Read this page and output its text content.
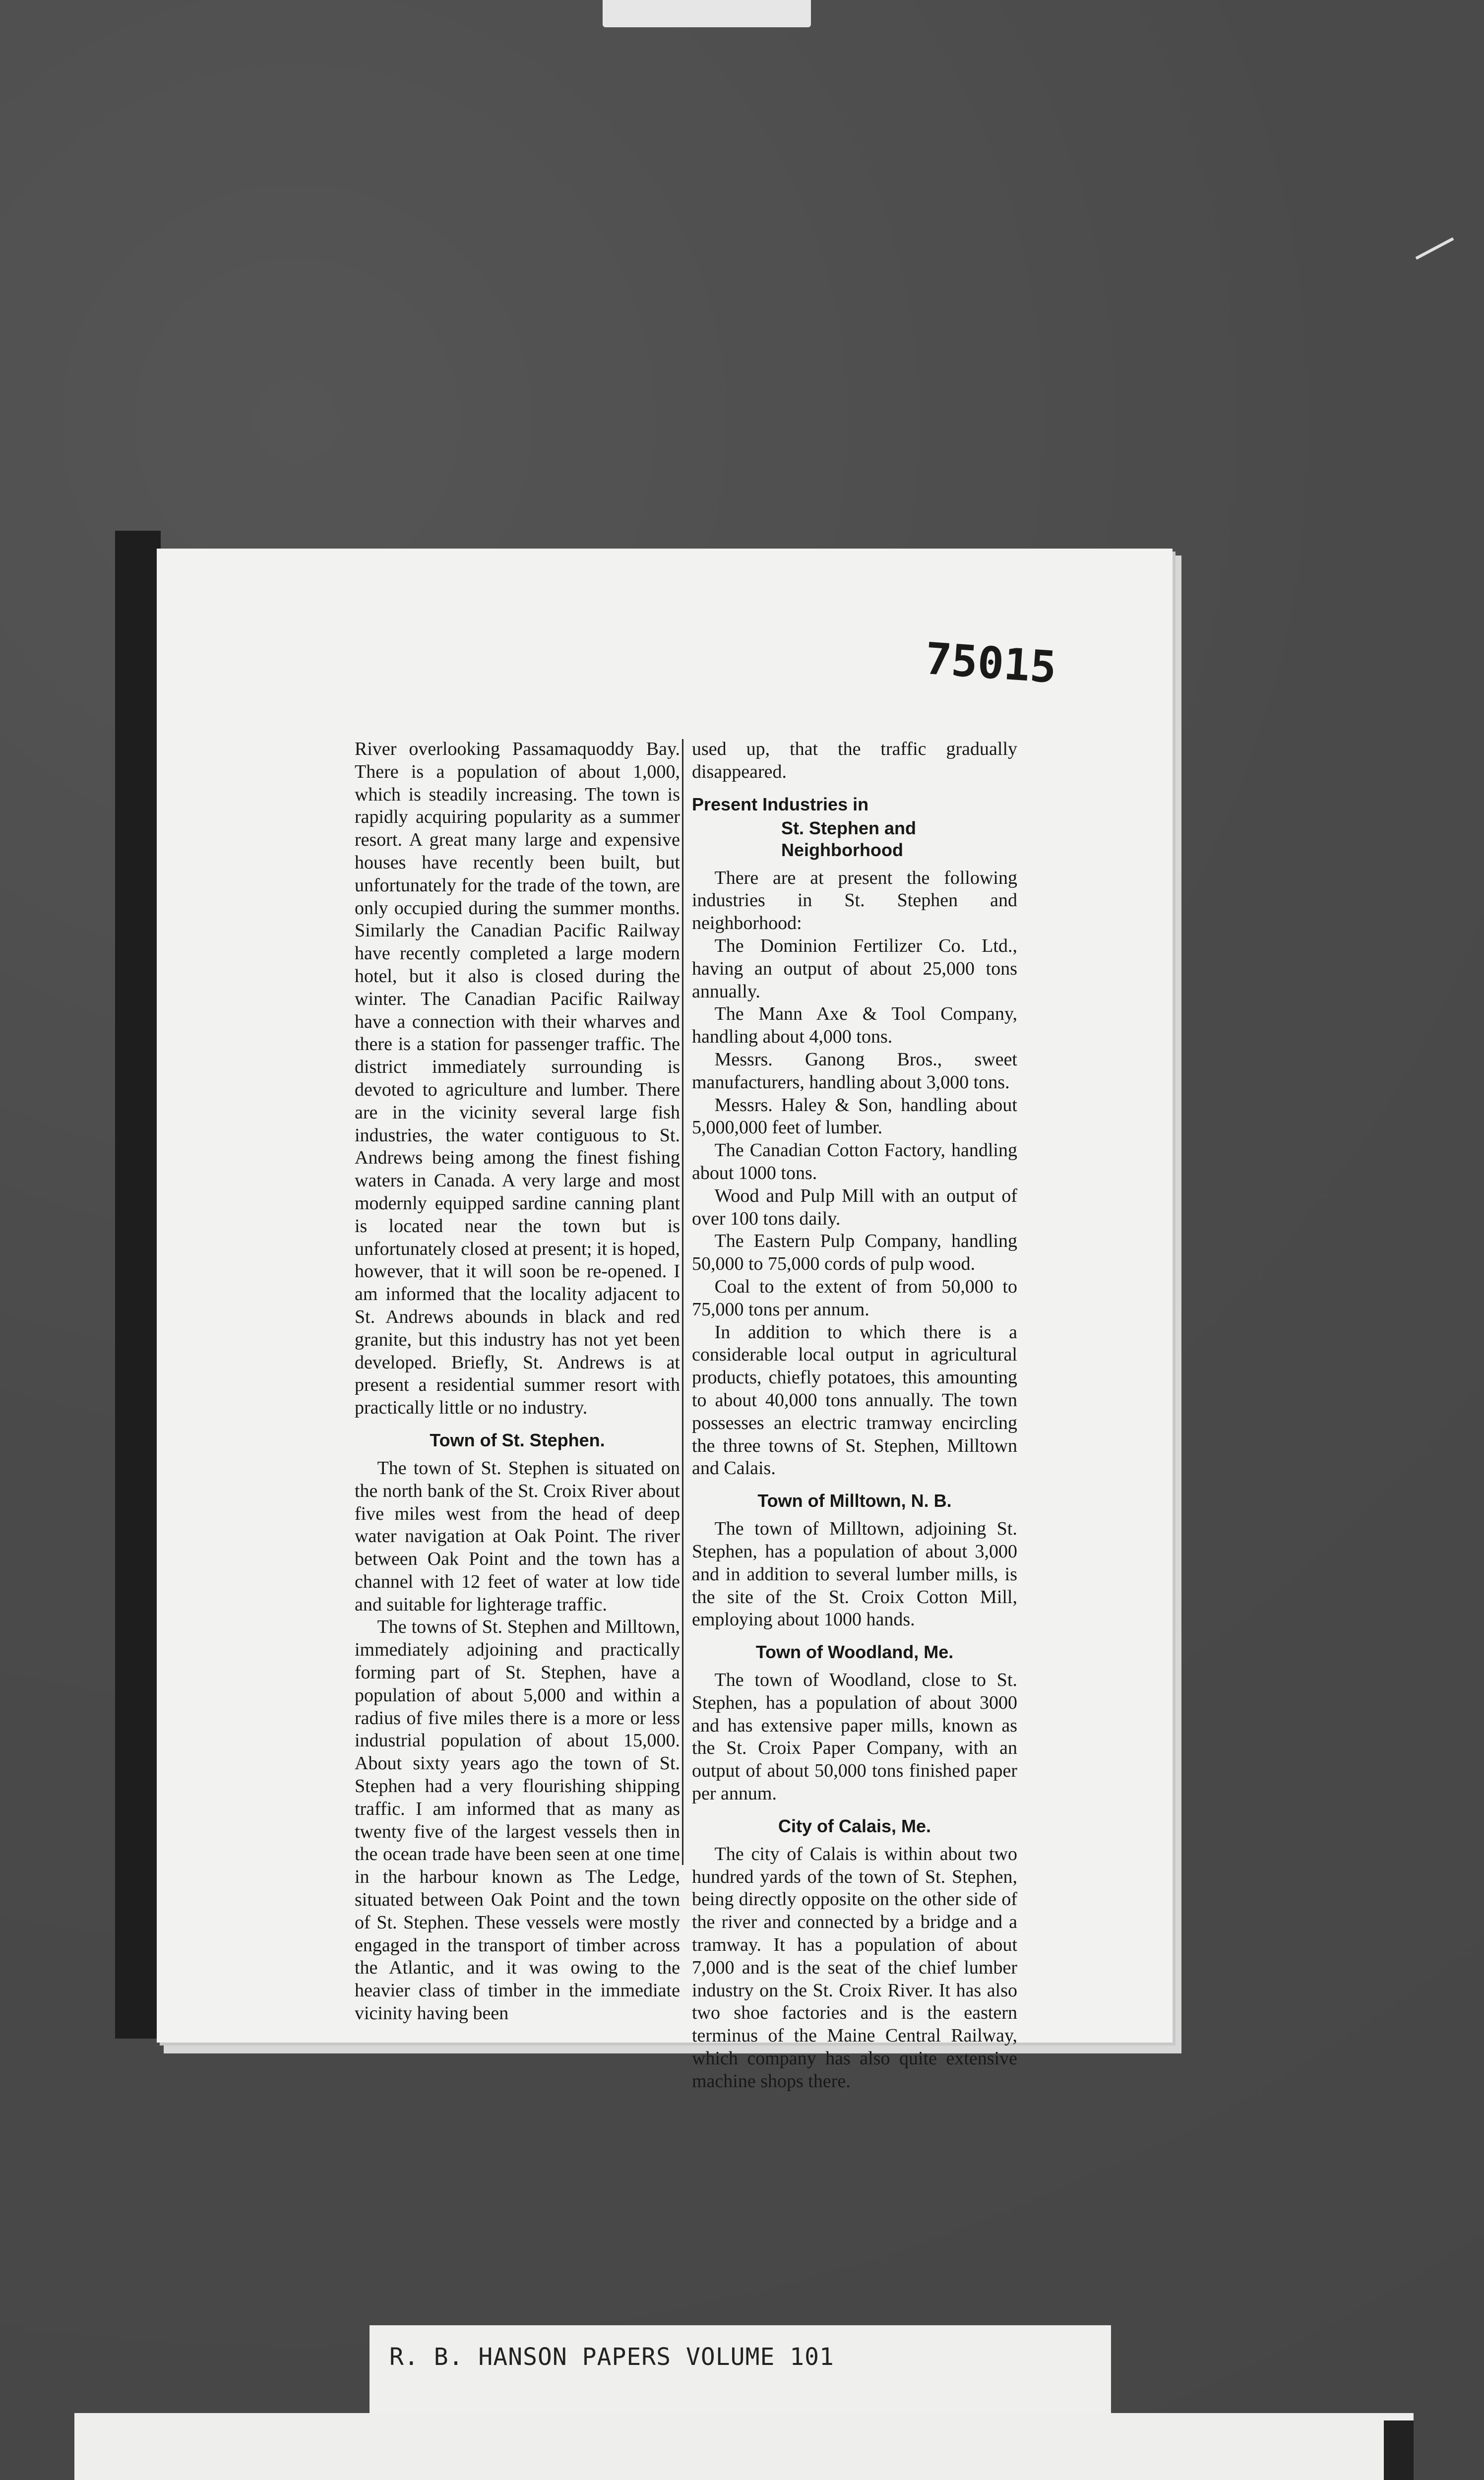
75015

River overlooking Passamaquoddy Bay. There is a population of about 1,000, which is steadily increasing. The town is rapidly acquiring popularity as a summer resort. A great many large and expensive houses have recently been built, but unfortunately for the trade of the town, are only occupied during the summer months. Similarly the Canadian Pacific Railway have recently completed a large modern hotel, but it also is closed during the winter. The Canadian Pacific Railway have a connection with their wharves and there is a station for passenger traffic. The district immediately surrounding is devoted to agriculture and lumber. There are in the vicinity several large fish industries, the water contiguous to St. Andrews being among the finest fishing waters in Canada. A very large and most modernly equipped sardine canning plant is located near the town but is unfortunately closed at present; it is hoped, however, that it will soon be re-opened. I am informed that the locality adjacent to St. Andrews abounds in black and red granite, but this industry has not yet been developed. Briefly, St. Andrews is at present a residential summer resort with practically little or no industry.

Town of St. Stephen.

The town of St. Stephen is situated on the north bank of the St. Croix River about five miles west from the head of deep water navigation at Oak Point. The river between Oak Point and the town has a channel with 12 feet of water at low tide and suitable for lighterage traffic.

The towns of St. Stephen and Milltown, immediately adjoining and practically forming part of St. Stephen, have a population of about 5,000 and within a radius of five miles there is a more or less industrial population of about 15,000. About sixty years ago the town of St. Stephen had a very flourishing shipping traffic. I am informed that as many as twenty five of the largest vessels then in the ocean trade have been seen at one time in the harbour known as The Ledge, situated between Oak Point and the town of St. Stephen. These vessels were mostly engaged in the transport of timber across the Atlantic, and it was owing to the heavier class of timber in the immediate vicinity having been

used up, that the traffic gradually disappeared.

Present Industries in
St. Stephen and Neighborhood

There are at present the following industries in St. Stephen and neighborhood:

The Dominion Fertilizer Co. Ltd., having an output of about 25,000 tons annually.

The Mann Axe & Tool Company, handling about 4,000 tons.

Messrs. Ganong Bros., sweet manufacturers, handling about 3,000 tons.

Messrs. Haley & Son, handling about 5,000,000 feet of lumber.

The Canadian Cotton Factory, handling about 1000 tons.

Wood and Pulp Mill with an output of over 100 tons daily.

The Eastern Pulp Company, handling 50,000 to 75,000 cords of pulp wood.

Coal to the extent of from 50,000 to 75,000 tons per annum.

In addition to which there is a considerable local output in agricultural products, chiefly potatoes, this amounting to about 40,000 tons annually. The town possesses an electric tramway encircling the three towns of St. Stephen, Milltown and Calais.

Town of Milltown, N. B.

The town of Milltown, adjoining St. Stephen, has a population of about 3,000 and in addition to several lumber mills, is the site of the St. Croix Cotton Mill, employing about 1000 hands.

Town of Woodland, Me.

The town of Woodland, close to St. Stephen, has a population of about 3000 and has extensive paper mills, known as the St. Croix Paper Company, with an output of about 50,000 tons finished paper per annum.

City of Calais, Me.

The city of Calais is within about two hundred yards of the town of St. Stephen, being directly opposite on the other side of the river and connected by a bridge and a tramway. It has a population of about 7,000 and is the seat of the chief lumber industry on the St. Croix River. It has also two shoe factories and is the eastern terminus of the Maine Central Railway, which company has also quite extensive machine shops there.

R. B. HANSON PAPERS VOLUME 101
